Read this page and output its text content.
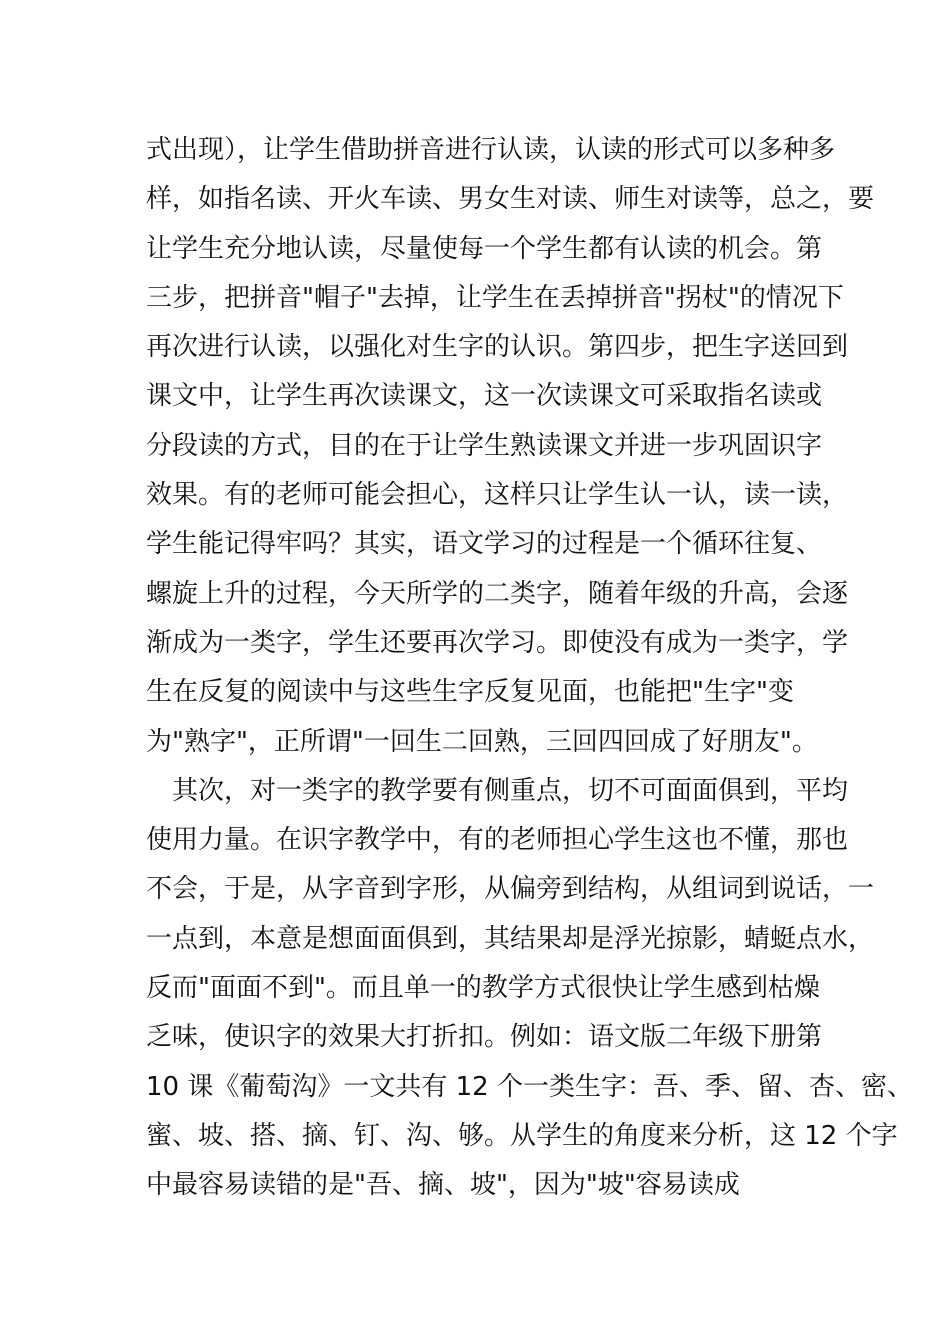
式出现），让学生借助拼音进行认读，认读的形式可以多种多
样，如指名读、开火车读、男女生对读、师生对读等，总之，要
让学生充分地认读，尽量使每一个学生都有认读的机会。第
三步，把拼音"帽子"去掉，让学生在丢掉拼音"拐杖"的情况下
再次进行认读，以强化对生字的认识。第四步，把生字送回到
课文中，让学生再次读课文，这一次读课文可采取指名读或
分段读的方式，目的在于让学生熟读课文并进一步巩固识字
效果。有的老师可能会担心，这样只让学生认一认，读一读，
学生能记得牢吗？其实，语文学习的过程是一个循环往复、
螺旋上升的过程，今天所学的二类字，随着年级的升高，会逐
渐成为一类字，学生还要再次学习。即使没有成为一类字，学
生在反复的阅读中与这些生字反复见面，也能把"生字"变
为"熟字"，正所谓"一回生二回熟，三回四回成了好朋友"。
　其次，对一类字的教学要有侧重点，切不可面面俱到，平均
使用力量。在识字教学中，有的老师担心学生这也不懂，那也
不会，于是，从字音到字形，从偏旁到结构，从组词到说话，一
一点到，本意是想面面俱到，其结果却是浮光掠影，蜻蜓点水，
反而"面面不到"。而且单一的教学方式很快让学生感到枯燥
乏味，使识字的效果大打折扣。例如：语文版二年级下册第
10 课《葡萄沟》一文共有 12 个一类生字：吾、季、留、杏、密、
蜜、坡、搭、摘、钉、沟、够。从学生的角度来分析，这 12 个字
中最容易读错的是"吾、摘、坡"，因为"坡"容易读成
